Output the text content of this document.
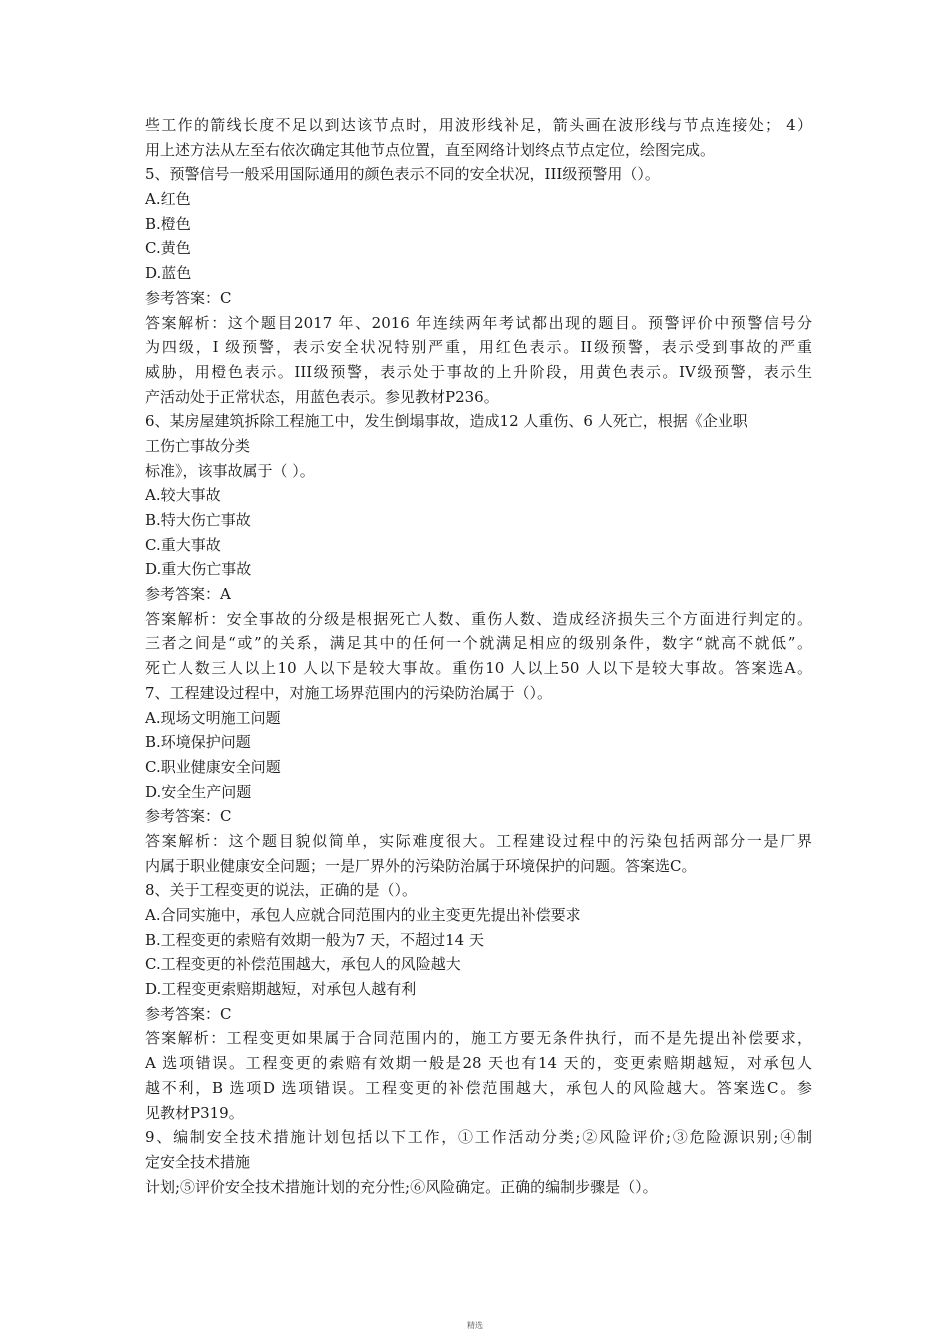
些工作的箭线长度不足以到达该节点时，用波形线补足，箭头画在波形线与节点连接处； 4）
用上述方法从左至右依次确定其他节点位置，直至网络计划终点节点定位，绘图完成。
5、预警信号一般采用国际通用的颜色表示不同的安全状况，III级预警用（）。
A.红色
B.橙色
C.黄色
D.蓝色
参考答案：C
答案解析：这个题目2017 年、2016 年连续两年考试都出现的题目。预警评价中预警信号分
为四级，I 级预警，表示安全状况特别严重，用红色表示。II级预警，表示受到事故的严重
威胁，用橙色表示。III级预警，表示处于事故的上升阶段，用黄色表示。IV级预警，表示生
产活动处于正常状态，用蓝色表示。参见教材P236。
6、某房屋建筑拆除工程施工中，发生倒塌事故，造成12 人重伤、6 人死亡，根据《企业职
工伤亡事故分类
标准》，该事故属于（ ）。
A.较大事故
B.特大伤亡事故
C.重大事故
D.重大伤亡事故
参考答案：A
答案解析：安全事故的分级是根据死亡人数、重伤人数、造成经济损失三个方面进行判定的。
三者之间是“或”的关系，满足其中的任何一个就满足相应的级别条件，数字“就高不就低”。
死亡人数三人以上10 人以下是较大事故。重伤10 人以上50 人以下是较大事故。答案选A。
7、工程建设过程中，对施工场界范围内的污染防治属于（）。
A.现场文明施工问题
B.环境保护问题
C.职业健康安全问题
D.安全生产问题
参考答案：C
答案解析：这个题目貌似简单，实际难度很大。工程建设过程中的污染包括两部分一是厂界
内属于职业健康安全问题；一是厂界外的污染防治属于环境保护的问题。答案选C。
8、关于工程变更的说法，正确的是（）。
A.合同实施中，承包人应就合同范围内的业主变更先提出补偿要求
B.工程变更的索赔有效期一般为7 天，不超过14 天
C.工程变更的补偿范围越大，承包人的风险越大
D.工程变更索赔期越短，对承包人越有利
参考答案：C
答案解析：工程变更如果属于合同范围内的，施工方要无条件执行，而不是先提出补偿要求，
A 选项错误。工程变更的索赔有效期一般是28 天也有14 天的，变更索赔期越短，对承包人
越不利，B 选项D 选项错误。工程变更的补偿范围越大，承包人的风险越大。答案选C。参
见教材P319。
9、编制安全技术措施计划包括以下工作，①工作活动分类;②风险评价;③危险源识别;④制
定安全技术措施
计划;⑤评价安全技术措施计划的充分性;⑥风险确定。正确的编制步骤是（）。
精选
